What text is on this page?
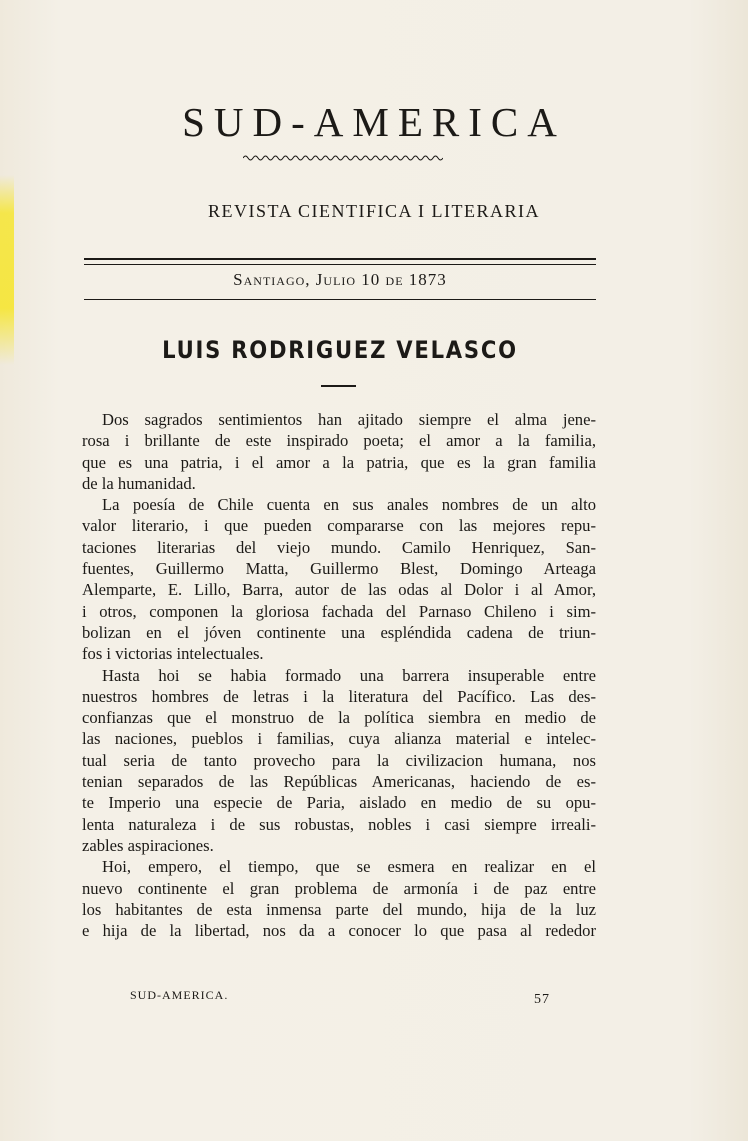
SUD-AMERICA
REVISTA CIENTIFICA I LITERARIA
Santiago, Julio 10 de 1873
LUIS RODRIGUEZ VELASCO
Dos sagrados sentimientos han ajitado siempre el alma jene-
rosa i brillante de este inspirado poeta; el amor a la familia,
que es una patria, i el amor a la patria, que es la gran familia
de la humanidad.
La poesía de Chile cuenta en sus anales nombres de un alto
valor literario, i que pueden compararse con las mejores repu-
taciones literarias del viejo mundo. Camilo Henriquez, San-
fuentes, Guillermo Matta, Guillermo Blest, Domingo Arteaga
Alemparte, E. Lillo, Barra, autor de las odas al Dolor i al Amor,
i otros, componen la gloriosa fachada del Parnaso Chileno i sim-
bolizan en el jóven continente una espléndida cadena de triun-
fos i victorias intelectuales.
Hasta hoi se habia formado una barrera insuperable entre
nuestros hombres de letras i la literatura del Pacífico. Las des-
confianzas que el monstruo de la política siembra en medio de
las naciones, pueblos i familias, cuya alianza material e intelec-
tual seria de tanto provecho para la civilizacion humana, nos
tenian separados de las Repúblicas Americanas, haciendo de es-
te Imperio una especie de Paria, aislado en medio de su opu-
lenta naturaleza i de sus robustas, nobles i casi siempre irreali-
zables aspiraciones.
Hoi, empero, el tiempo, que se esmera en realizar en el
nuevo continente el gran problema de armonía i de paz entre
los habitantes de esta inmensa parte del mundo, hija de la luz
e hija de la libertad, nos da a conocer lo que pasa al rededor
SUD-AMERICA.	57
